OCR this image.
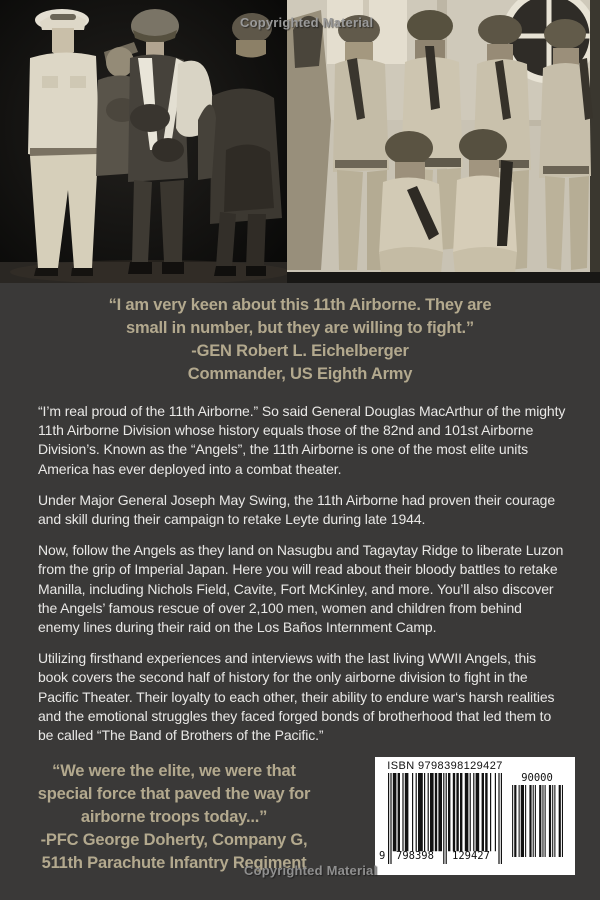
Copyrighted Material
Copyrighted Material
“I am very keen about this 11th Airborne. They are
small in number, but they are willing to fight.”
-GEN Robert L. Eichelberger
Commander, US Eighth Army

“I’m real proud of the 11th Airborne.” So said General Douglas MacArthur of the mighty 11th Airborne Division whose history equals those of the 82nd and 101st Airborne Division’s. Known as the “Angels”, the 11th Airborne is one of the most elite units America has ever deployed into a combat theater.

Under Major General Joseph May Swing, the 11th Airborne had proven their courage and skill during their campaign to retake Leyte during late 1944.

Now, follow the Angels as they land on Nasugbu and Tagaytay Ridge to liberate Luzon from the grip of Imperial Japan. Here you will read about their bloody battles to retake Manilla, including Nichols Field, Cavite, Fort McKinley, and more. You’ll also discover the Angels’ famous rescue of over 2,100 men, women and children from behind enemy lines during their raid on the Los Baños Internment Camp.

Utilizing firsthand experiences and interviews with the last living WWII Angels, this book covers the second half of history for the only airborne division to fight in the Pacific Theater. Their loyalty to each other, their ability to endure war‘s harsh realities and the emotional struggles they faced forged bonds of brotherhood that led them to be called “The Band of Brothers of the Pacific.”

“We were the elite, we were that
special force that paved the way for
airborne troops today...”
-PFC George Doherty, Company G,
511th Parachute Infantry Regiment
ISBN 9798398129427
9 798398 129427
90000
